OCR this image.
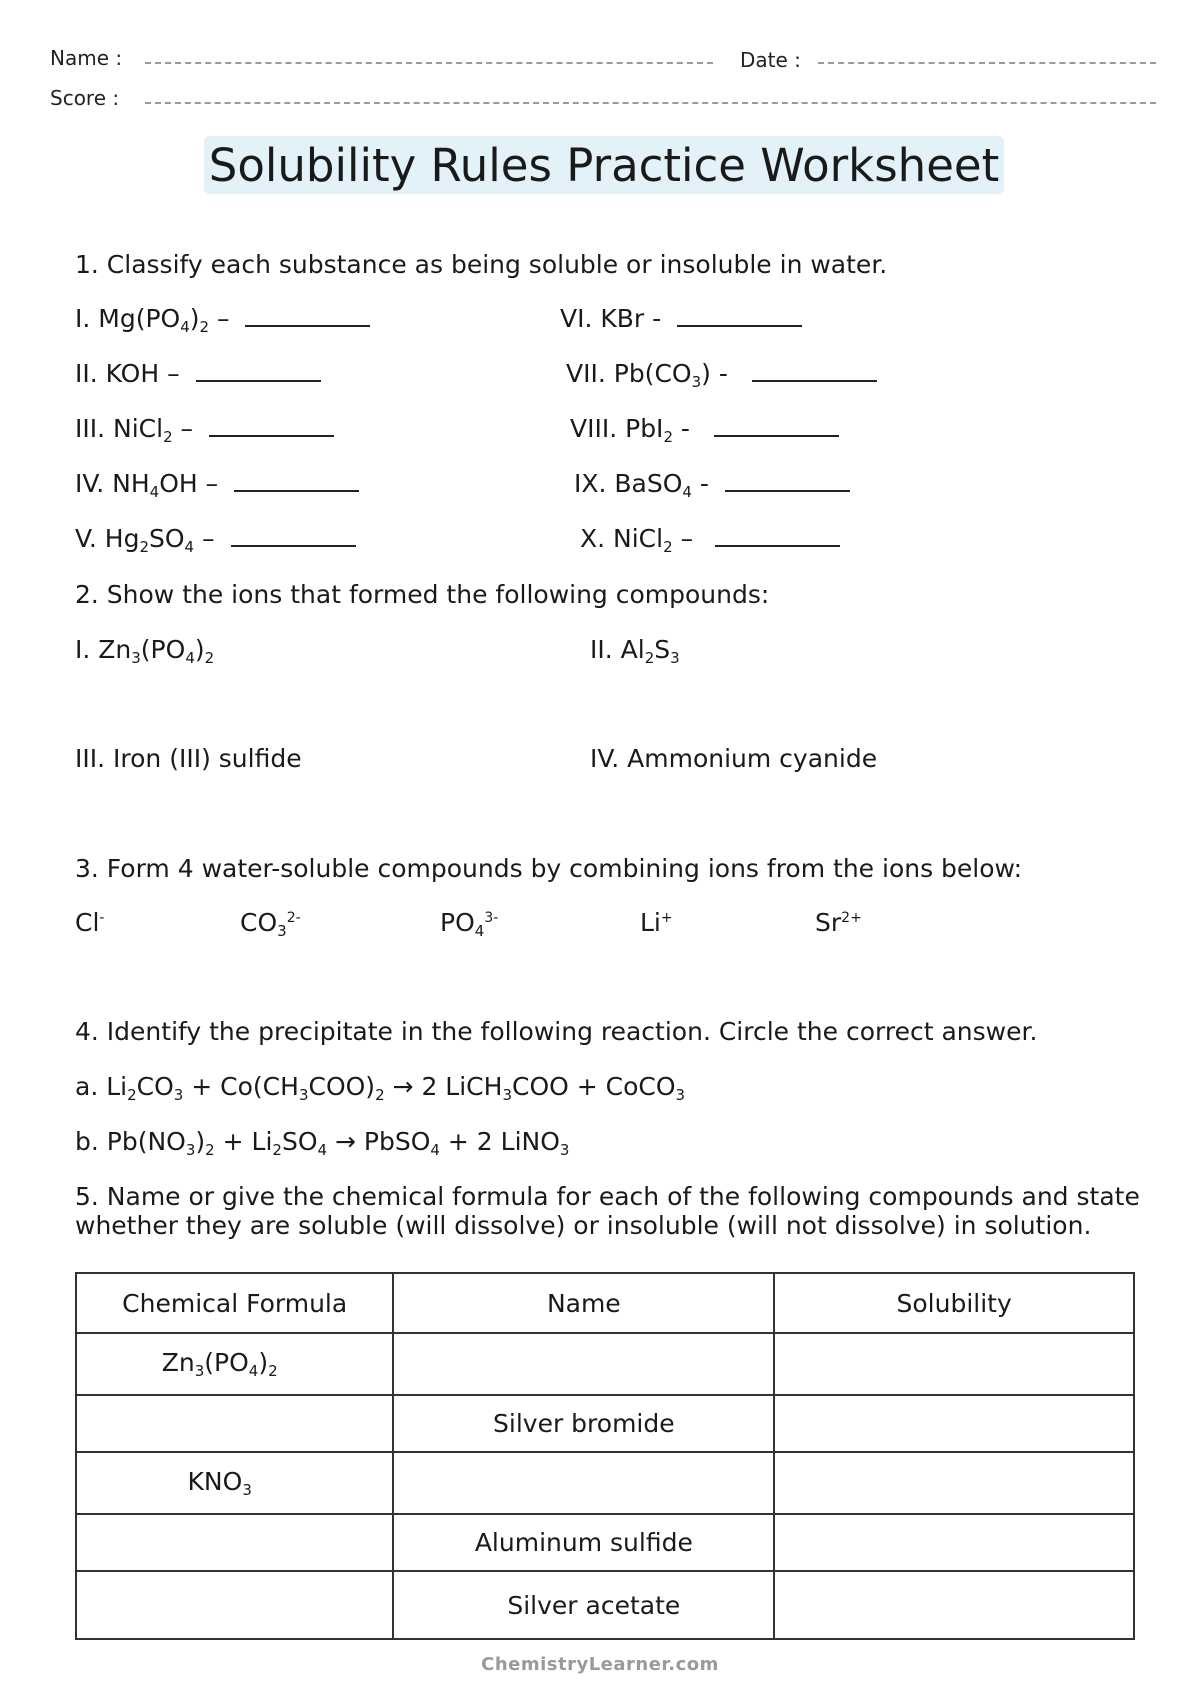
Name :	Date :
Score :
Solubility Rules Practice Worksheet
1. Classify each substance as being soluble or insoluble in water.
I. $Mg(PO_4)_2$ –
II. KOH –
III. NiCl$_2$ –
IV. $NH_4OH$ –
V. $Hg_2SO_4$ –
VI. KBr -
VII. $Pb(CO_3)$ -
VIII. PbI$_2$ -
IX. BaSO$_4$ -
X. NiCl$_2$ –
2. Show the ions that formed the following compounds:
I. $Zn_3(PO_4)_2$	II. $Al_2S_3$
III. Iron (III) sulfide	IV. Ammonium cyanide
3. Form 4 water-soluble compounds by combining ions from the ions below:
Cl-	$CO_3^{2-}$	$PO_4^{3-}$	Li+	$Sr^{2+}$
4. Identify the precipitate in the following reaction. Circle the correct answer.
a. $Li_2CO_3 + Co(CH_3COO)_2 \to 2$ LiCH$_3$COO + CoCO$_3$
b. $Pb(NO_3)_2 + Li_2SO_4$ → PbSO$_4$ + 2 LiNO$_3$
5. Name or give the chemical formula for each of the following compounds and state whether they are soluble (will dissolve) or insoluble (will not dissolve) in solution.
Chemical Formula	Name	Solubility
$Zn_3(PO_4)_2$		
	Silver bromide	
$KNO_3$		
	Aluminum sulfide	
	Silver acetate	
ChemistryLearner.com
